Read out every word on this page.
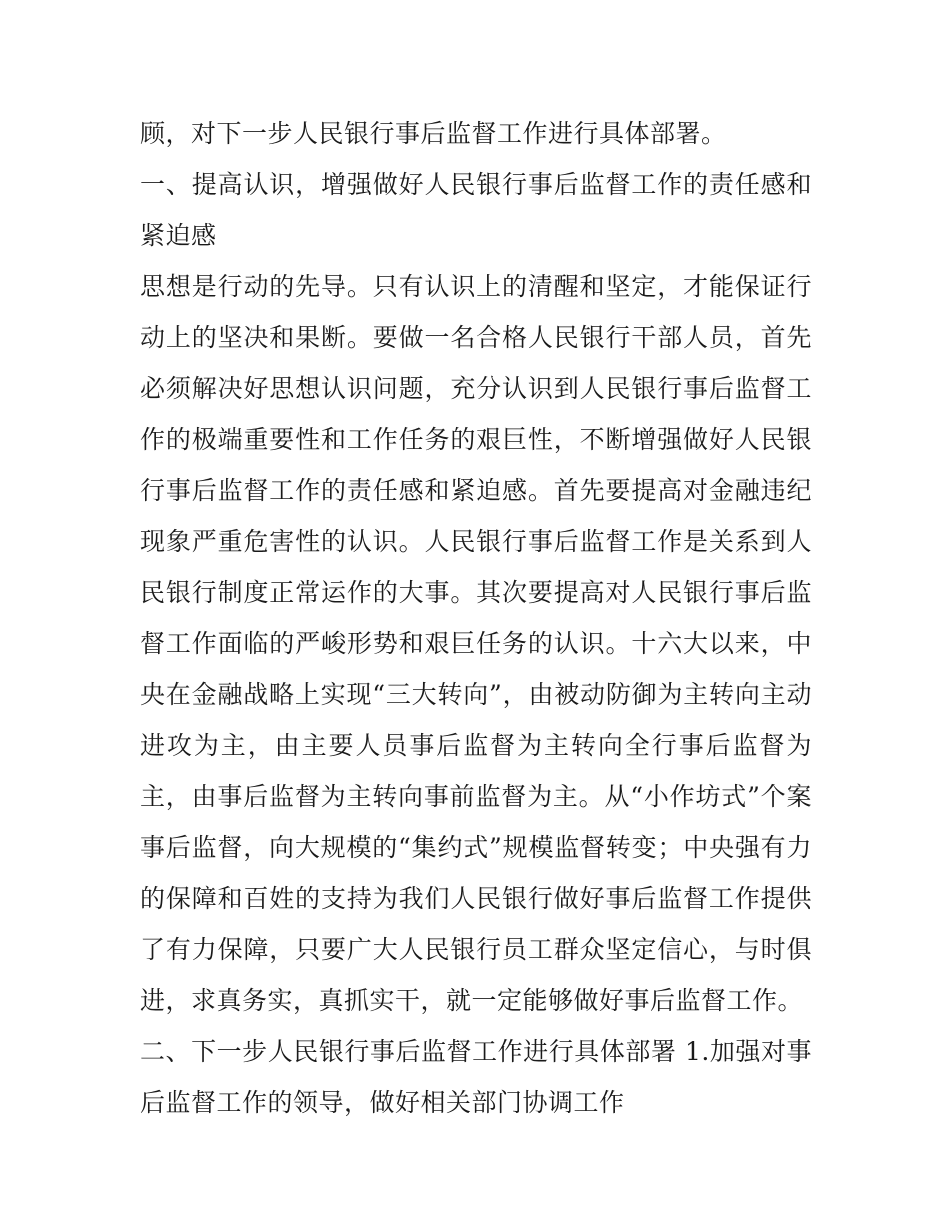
顾，对下一步人民银行事后监督工作进行具体部署。

一、提高认识，增强做好人民银行事后监督工作的责任感和紧迫感

思想是行动的先导。只有认识上的清醒和坚定，才能保证行动上的坚决和果断。要做一名合格人民银行干部人员，首先必须解决好思想认识问题，充分认识到人民银行事后监督工作的极端重要性和工作任务的艰巨性，不断增强做好人民银行事后监督工作的责任感和紧迫感。首先要提高对金融违纪现象严重危害性的认识。人民银行事后监督工作是关系到人民银行制度正常运作的大事。其次要提高对人民银行事后监督工作面临的严峻形势和艰巨任务的认识。十六大以来，中央在金融战略上实现“三大转向”，由被动防御为主转向主动进攻为主，由主要人员事后监督为主转向全行事后监督为主，由事后监督为主转向事前监督为主。从“小作坊式”个案事后监督，向大规模的“集约式”规模监督转变；中央强有力的保障和百姓的支持为我们人民银行做好事后监督工作提供了有力保障，只要广大人民银行员工群众坚定信心，与时俱进，求真务实，真抓实干，就一定能够做好事后监督工作。

二、下一步人民银行事后监督工作进行具体部署 1.加强对事后监督工作的领导，做好相关部门协调工作
